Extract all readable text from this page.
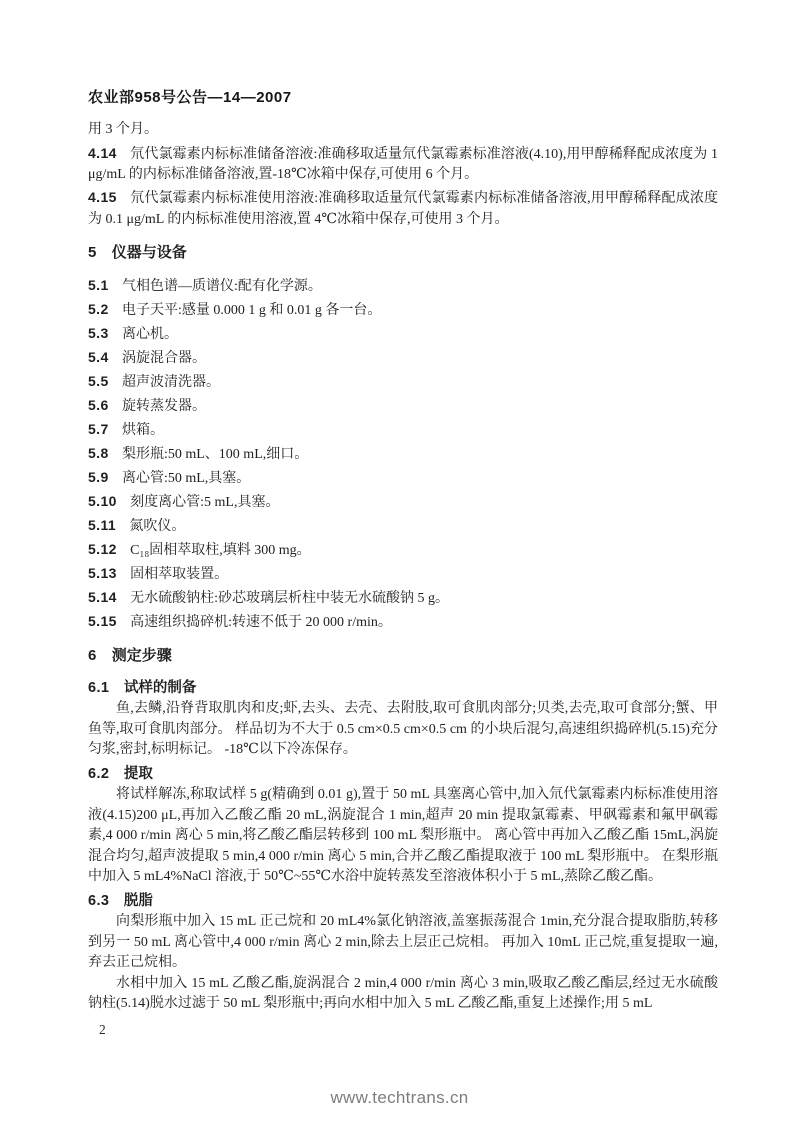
农业部958号公告—14—2007

用 3 个月。

4.14 氘代氯霉素内标标准储备溶液:准确移取适量氘代氯霉素标准溶液(4.10),用甲醇稀释配成浓度为 1 μg/mL 的内标标准储备溶液,置-18℃冰箱中保存,可使用 6 个月。

4.15 氘代氯霉素内标标准使用溶液:准确移取适量氘代氯霉素内标标准储备溶液,用甲醇稀释配成浓度为 0.1 μg/mL 的内标标准使用溶液,置 4℃冰箱中保存,可使用 3 个月。

5 仪器与设备

5.1 气相色谱—质谱仪:配有化学源。

5.2 电子天平:感量 0.000 1 g 和 0.01 g 各一台。

5.3 离心机。

5.4 涡旋混合器。

5.5 超声波清洗器。

5.6 旋转蒸发器。

5.7 烘箱。

5.8 梨形瓶:50 mL、100 mL,细口。

5.9 离心管:50 mL,具塞。

5.10 刻度离心管:5 mL,具塞。

5.11 氮吹仪。

5.12 C₁₈固相萃取柱,填料 300 mg。

5.13 固相萃取装置。

5.14 无水硫酸钠柱:砂芯玻璃层析柱中装无水硫酸钠 5 g。

5.15 高速组织捣碎机:转速不低于 20 000 r/min。

6 测定步骤

6.1 试样的制备

鱼,去鳞,沿脊背取肌肉和皮;虾,去头、去壳、去附肢,取可食肌肉部分;贝类,去壳,取可食部分;蟹、甲鱼等,取可食肌肉部分。 样品切为不大于 0.5 cm×0.5 cm×0.5 cm 的小块后混匀,高速组织捣碎机(5.15)充分匀浆,密封,标明标记。 -18℃以下冷冻保存。

6.2 提取

将试样解冻,称取试样 5 g(精确到 0.01 g),置于 50 mL 具塞离心管中,加入氘代氯霉素内标标准使用溶液(4.15)200 μL,再加入乙酸乙酯 20 mL,涡旋混合 1 min,超声 20 min 提取氯霉素、甲砜霉素和氟甲砜霉素,4 000 r/min 离心 5 min,将乙酸乙酯层转移到 100 mL 梨形瓶中。 离心管中再加入乙酸乙酯 15mL,涡旋混合均匀,超声波提取 5 min,4 000 r/min 离心 5 min,合并乙酸乙酯提取液于 100 mL 梨形瓶中。 在梨形瓶中加入 5 mL4%NaCl 溶液,于 50℃~55℃水浴中旋转蒸发至溶液体积小于 5 mL,蒸除乙酸乙酯。

6.3 脱脂

向梨形瓶中加入 15 mL 正己烷和 20 mL4%氯化钠溶液,盖塞振荡混合 1min,充分混合提取脂肪,转移到另一 50 mL 离心管中,4 000 r/min 离心 2 min,除去上层正己烷相。 再加入 10mL 正己烷,重复提取一遍,弃去正己烷相。

水相中加入 15 mL 乙酸乙酯,旋涡混合 2 min,4 000 r/min 离心 3 min,吸取乙酸乙酯层,经过无水硫酸钠柱(5.14)脱水过滤于 50 mL 梨形瓶中;再向水相中加入 5 mL 乙酸乙酯,重复上述操作;用 5 mL

2
www.techtrans.cn
